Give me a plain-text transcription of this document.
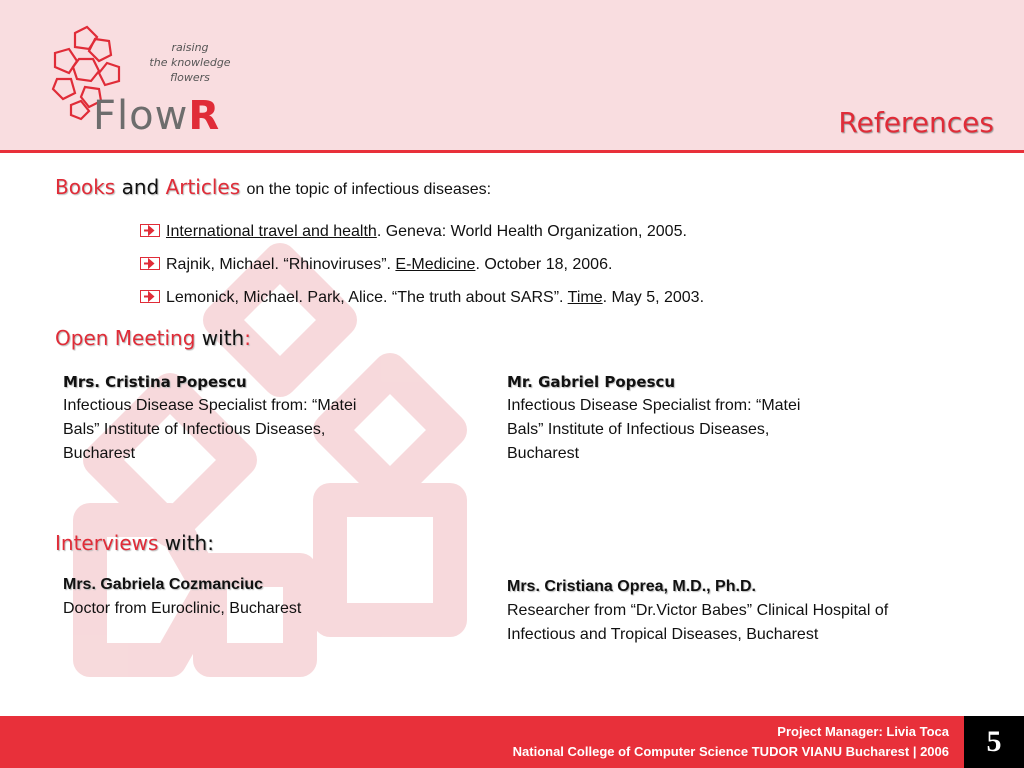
raising
the knowledge
flowers
FlowR	References
Books and Articles on the topic of infectious diseases:
International travel and health. Geneva: World Health Organization, 2005.
Rajnik, Michael. “Rhinoviruses”. E-Medicine. October 18, 2006.
Lemonick, Michael. Park, Alice. “The truth about SARS”. Time. May 5, 2003.
Open Meeting with:
Mrs. Cristina Popescu
Infectious Disease Specialist from: “Matei
Bals” Institute of Infectious Diseases,
Bucharest
Mr. Gabriel Popescu
Infectious Disease Specialist from: “Matei
Bals” Institute of Infectious Diseases,
Bucharest
Interviews with:
Mrs. Gabriela Cozmanciuc
Doctor from Euroclinic, Bucharest
Mrs. Cristiana Oprea, M.D., Ph.D.
Researcher from “Dr.Victor Babes” Clinical Hospital of
Infectious and Tropical Diseases, Bucharest
Project Manager: Livia Toca
National College of Computer Science TUDOR VIANU Bucharest | 2006	5
